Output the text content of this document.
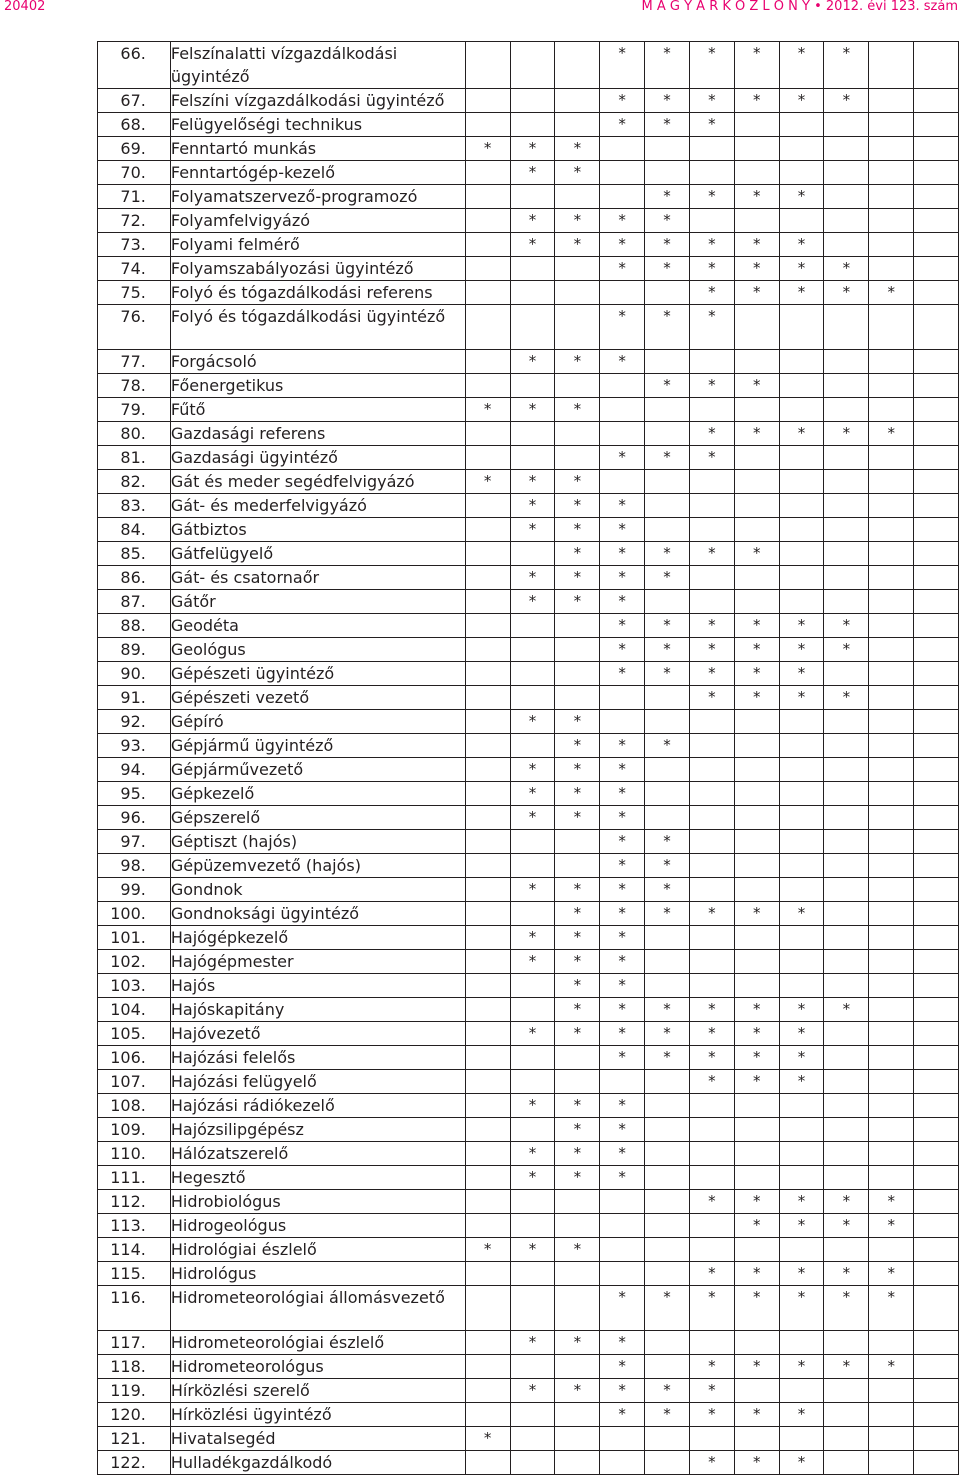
20402	M A G Y A R K Ö Z L Ö N Y • 2012. évi 123. szám
66.	Felszínalatti vízgazdálkodási ügyintéző				*	*	*	*	*	*		

67.	Felszíni vízgazdálkodási ügyintéző				*	*	*	*	*	*		

68.	Felügyelőségi technikus				*	*	*					

69.	Fenntartó munkás	*	*	*								

70.	Fenntartógép-kezelő		*	*								

71.	Folyamatszervező-programozó					*	*	*	*			

72.	Folyamfelvigyázó		*	*	*	*						

73.	Folyami felmérő		*	*	*	*	*	*	*			

74.	Folyamszabályozási ügyintéző				*	*	*	*	*	*		

75.	Folyó és tógazdálkodási referens						*	*	*	*	*	

76.	Folyó és tógazdálkodási ügyintéző				*	*	*					

77.	Forgácsoló		*	*	*							

78.	Főenergetikus					*	*	*				

79.	Fűtő	*	*	*								

80.	Gazdasági referens						*	*	*	*	*	

81.	Gazdasági ügyintéző				*	*	*					

82.	Gát és meder segédfelvigyázó	*	*	*								

83.	Gát- és mederfelvigyázó		*	*	*							

84.	Gátbiztos		*	*	*							

85.	Gátfelügyelő			*	*	*	*	*				

86.	Gát- és csatornaőr		*	*	*	*						

87.	Gátőr		*	*	*							

88.	Geodéta				*	*	*	*	*	*		

89.	Geológus				*	*	*	*	*	*		

90.	Gépészeti ügyintéző				*	*	*	*	*			

91.	Gépészeti vezető						*	*	*	*		

92.	Gépíró		*	*								

93.	Gépjármű ügyintéző			*	*	*						

94.	Gépjárművezető		*	*	*							

95.	Gépkezelő		*	*	*							

96.	Gépszerelő		*	*	*							

97.	Géptiszt (hajós)				*	*						

98.	Gépüzemvezető (hajós)				*	*						

99.	Gondnok		*	*	*	*						

100.	Gondnoksági ügyintéző			*	*	*	*	*	*			

101.	Hajógépkezelő		*	*	*							

102.	Hajógépmester		*	*	*							

103.	Hajós			*	*							

104.	Hajóskapitány			*	*	*	*	*	*	*		

105.	Hajóvezető		*	*	*	*	*	*	*			

106.	Hajózási felelős				*	*	*	*	*			

107.	Hajózási felügyelő						*	*	*			

108.	Hajózási rádiókezelő		*	*	*							

109.	Hajózsilipgépész			*	*							

110.	Hálózatszerelő		*	*	*							

111.	Hegesztő		*	*	*							

112.	Hidrobiológus						*	*	*	*	*	

113.	Hidrogeológus							*	*	*	*	

114.	Hidrológiai észlelő	*	*	*								

115.	Hidrológus						*	*	*	*	*	

116.	Hidrometeorológiai állomásvezető				*	*	*	*	*	*	*	

117.	Hidrometeorológiai észlelő		*	*	*							

118.	Hidrometeorológus				*		*	*	*	*	*	

119.	Hírközlési szerelő		*	*	*	*	*					

120.	Hírközlési ügyintéző				*	*	*	*	*			

121.	Hivatalsegéd	*										

122.	Hulladékgazdálkodó						*	*	*			
